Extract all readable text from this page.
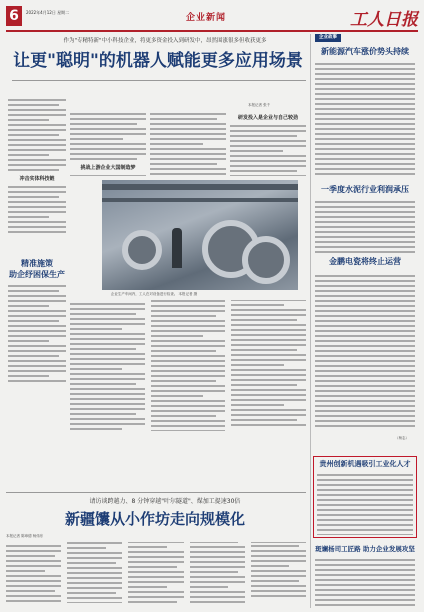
6	2022年4月12日 星期二
企业新闻	工人日报
作为"专精特新"中小科技企业，将更多资金投入到研发中，昂然围涨很多但收获更多
让更"聪明"的机器人赋能更多应用场景
本报记者 张千
冲击实体科技链
挑战上游企业大国制造梦
研发投入是企业与自己较劲
精准施策
助企纾困保生产
企业生产车间内，工人在对设备进行检查。 本报记者 摄
请访谈跨越力、8 分钟穿越"叶尔隧道"、煤加工提速30倍
新疆馕从小作坊走向规模化
本报记者 陈章德 杨伟东
企业故事
新能源汽车涨价势头持续
一季度水泥行业利润承压
金鹏电瓷将终止运营
（杨志）
贵州创新机遇吸引工业化人才
斑斓杨司工匠路 助力企业发展攻坚
